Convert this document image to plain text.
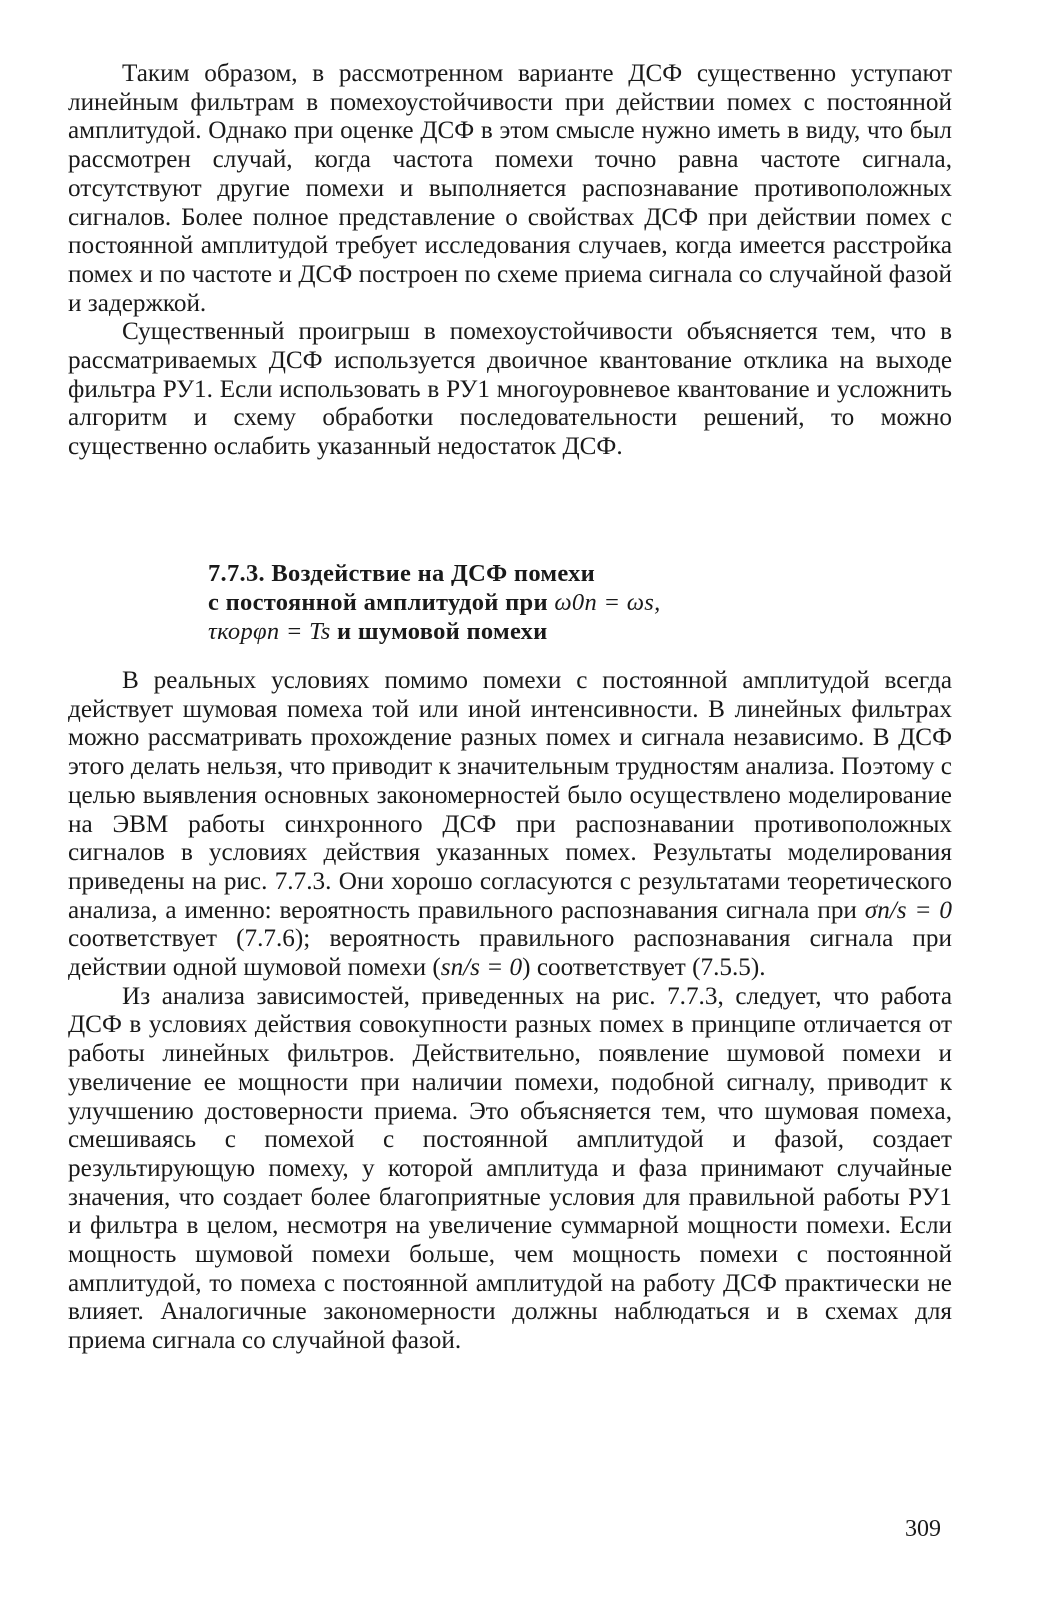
Таким образом, в рассмотренном варианте ДСФ существенно уступают линейным фильтрам в помехоустойчивости при действии помех с постоянной амплитудой. Однако при оценке ДСФ в этом смысле нужно иметь в виду, что был рассмотрен случай, когда частота помехи точно равна частоте сигнала, отсутствуют другие помехи и выполняется распознавание противоположных сигналов. Более полное представление о свойствах ДСФ при действии помех с постоянной амплитудой требует исследования случаев, когда имеется расстройка помех и по частоте и ДСФ построен по схеме приема сигнала со случайной фазой и задержкой.

Существенный проигрыш в помехоустойчивости объясняется тем, что в рассматриваемых ДСФ используется двоичное квантование отклика на выходе фильтра РУ1. Если использовать в РУ1 многоуровневое квантование и усложнить алгоритм и схему обработки последовательности решений, то можно существенно ослабить указанный недостаток ДСФ.

7.7.3. Воздействие на ДСФ помехи
с постоянной амплитудой при ω0n = ωs,
τкорφn = Ts и шумовой помехи

В реальных условиях помимо помехи с постоянной амплитудой всегда действует шумовая помеха той или иной интенсивности. В линейных фильтрах можно рассматривать прохождение разных помех и сигнала независимо. В ДСФ этого делать нельзя, что приводит к значительным трудностям анализа. Поэтому с целью выявления основных закономерностей было осуществлено моделирование на ЭВМ работы синхронного ДСФ при распознавании противоположных сигналов в условиях действия указанных помех. Результаты моделирования приведены на рис. 7.7.3. Они хорошо согласуются с результатами теоретического анализа, а именно: вероятность правильного распознавания сигнала при σn/s = 0 соответствует (7.7.6); вероятность правильного распознавания сигнала при действии одной шумовой помехи (sn/s = 0) соответствует (7.5.5).

Из анализа зависимостей, приведенных на рис. 7.7.3, следует, что работа ДСФ в условиях действия совокупности разных помех в принципе отличается от работы линейных фильтров. Действительно, появление шумовой помехи и увеличение ее мощности при наличии помехи, подобной сигналу, приводит к улучшению достоверности приема. Это объясняется тем, что шумовая помеха, смешиваясь с помехой с постоянной амплитудой и фазой, создает результирующую помеху, у которой амплитуда и фаза принимают случайные значения, что создает более благоприятные условия для правильной работы РУ1 и фильтра в целом, несмотря на увеличение суммарной мощности помехи. Если мощность шумовой помехи больше, чем мощность помехи с постоянной амплитудой, то помеха с постоянной амплитудой на работу ДСФ практически не влияет. Аналогичные закономерности должны наблюдаться и в схемах для приема сигнала со случайной фазой.

309
